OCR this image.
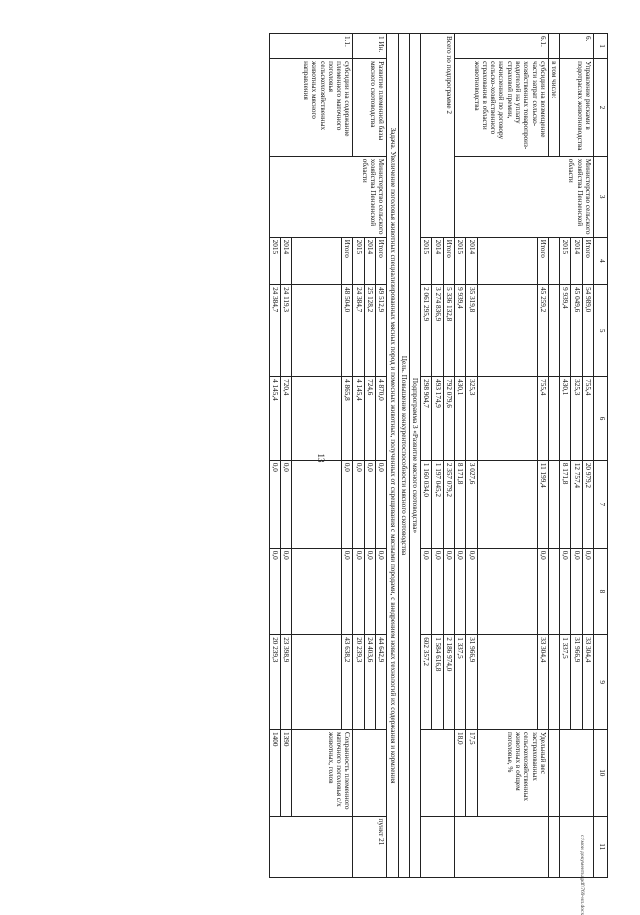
13
1	2	3	4	5	6	7	8	9	10	11
6.	Управление рисками в подотраслях животноводства	Министерство сельского хозяйства Пензенской области	Итого	54 989,0	755,4	20 979,2	0,0	33 304,4		
			2014	45 049,6	325,3	12 757,4	0,0	31 966,9		
			2015	9 939,4	430,1	8 171,8	0,0	1 337,5		
	в том числе:									
6.1.	субсидии на возмещение части затрат сельско-хозяйственных товаропроиз-водителей на уплату страховой премии, начисленной по договору сельско-хозяйственного страхования в области животноводства		Итого	45 259,2	755,4	11 199,4	0,0	33 304,4	Удельный вес застрахованных сельскохозяйственных животных в общем поголовье, %	

			2014	35 319,8	325,3	3 027,6	0,0	31 966,9	17,5	
			2015	9 939,4	430,1	8 171,8	0,0	1 337,5	18,0	
Всего по подпрограмме 2			Итого	5 336 132,8	792 079,6	2 357 079,2	0,0	2 186 974,0		
			2014	3 274 836,9	493 174,9	1 197 045,2	0,0	1 584 616,8		
			2015	2 061 295,9	298 904,7	1 160 034,0	0,0	602 357,2		
Подпрограмма 3 «Развитие мясного скотоводства»										
Цель. Повышение конкурентоспособности мясного скотоводства										
Задача. Увеличение поголовья животных специализированных мясных пород и помесных животных, полученных от скрещивания с мясными породами, с внедрением новых технологий их содержания и кормления										
1 Ин.	Развитие племенной базы мясного скотоводства	Министерство сельского хозяйства Пензенской области	Итого	49 512,9	4 870,0	0,0	0,0	44 642,9		пункт 21
			2014	25 128,2	724,6	0,0	0,0	24 403,6		
			2015	24 384,7	4 145,4	0,0	0,0	20 239,3		
1.1.	субсидии на содержание племенного маточного поголовья сельскохозяйственных животных мясного направления		Итого	48 504,0	4 865,8	0,0	0,0	43 638,2	Сохранность племенного маточного поголовья с/х животных, голов	

			2014	24 119,3	720,4	0,0	0,0	23 398,9	1390	
			2015	24 384,7	4 145,4	0,0	0,0	20 239,3	1400	
c:\мои документы\pdf\769-нп.docx
